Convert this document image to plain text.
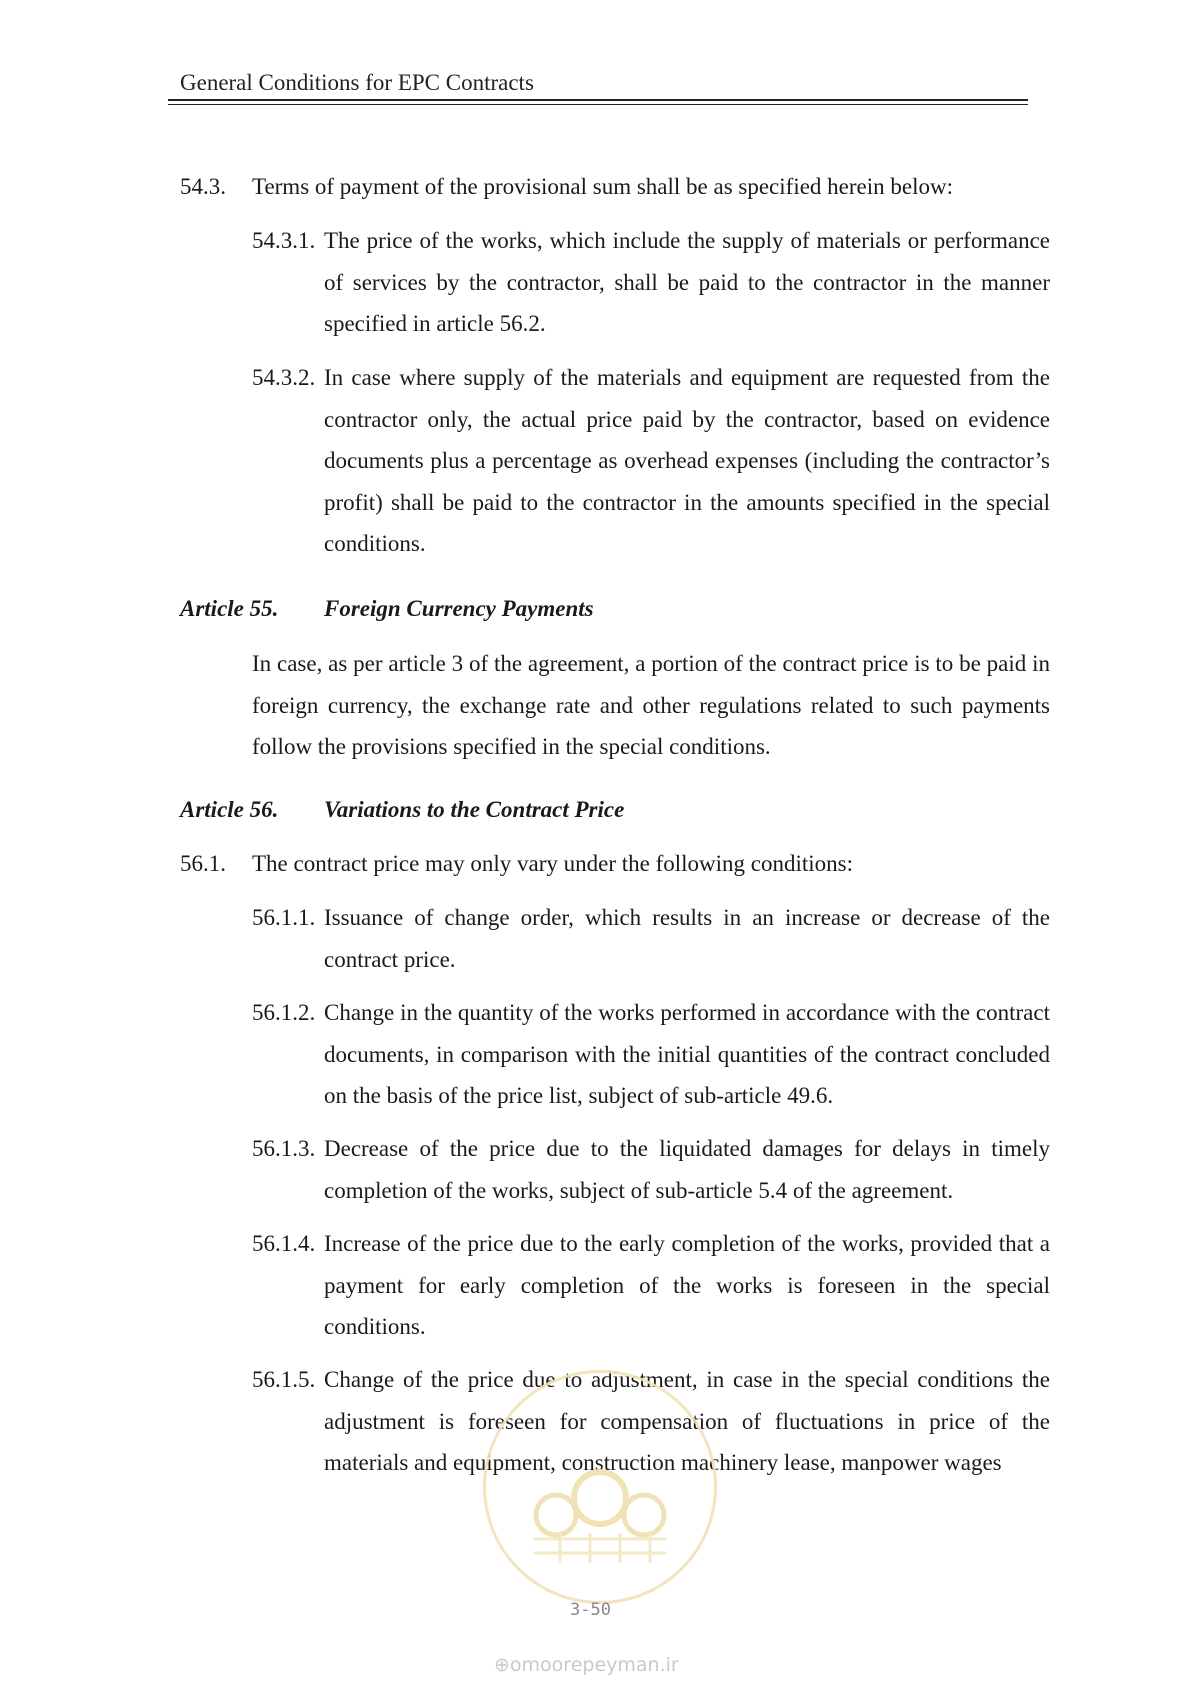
General Conditions for EPC Contracts
54.3. Terms of payment of the provisional sum shall be as specified herein below:
54.3.1. The price of the works, which include the supply of materials or performance of services by the contractor, shall be paid to the contractor in the manner specified in article 56.2.
54.3.2. In case where supply of the materials and equipment are requested from the contractor only, the actual price paid by the contractor, based on evidence documents plus a percentage as overhead expenses (including the contractor’s profit) shall be paid to the contractor in the amounts specified in the special conditions.
Article 55. Foreign Currency Payments
In case, as per article 3 of the agreement, a portion of the contract price is to be paid in foreign currency, the exchange rate and other regulations related to such payments follow the provisions specified in the special conditions.
Article 56. Variations to the Contract Price
56.1. The contract price may only vary under the following conditions:
56.1.1. Issuance of change order, which results in an increase or decrease of the contract price.
56.1.2. Change in the quantity of the works performed in accordance with the contract documents, in comparison with the initial quantities of the contract concluded on the basis of the price list, subject of sub-article 49.6.
56.1.3. Decrease of the price due to the liquidated damages for delays in timely completion of the works, subject of sub-article 5.4 of the agreement.
56.1.4. Increase of the price due to the early completion of the works, provided that a payment for early completion of the works is foreseen in the special conditions.
56.1.5. Change of the price due to adjustment, in case in the special conditions the adjustment is foreseen for compensation of fluctuations in price of the materials and equipment, construction machinery lease, manpower wages
3-50
⊕omoorepeyman.ir
